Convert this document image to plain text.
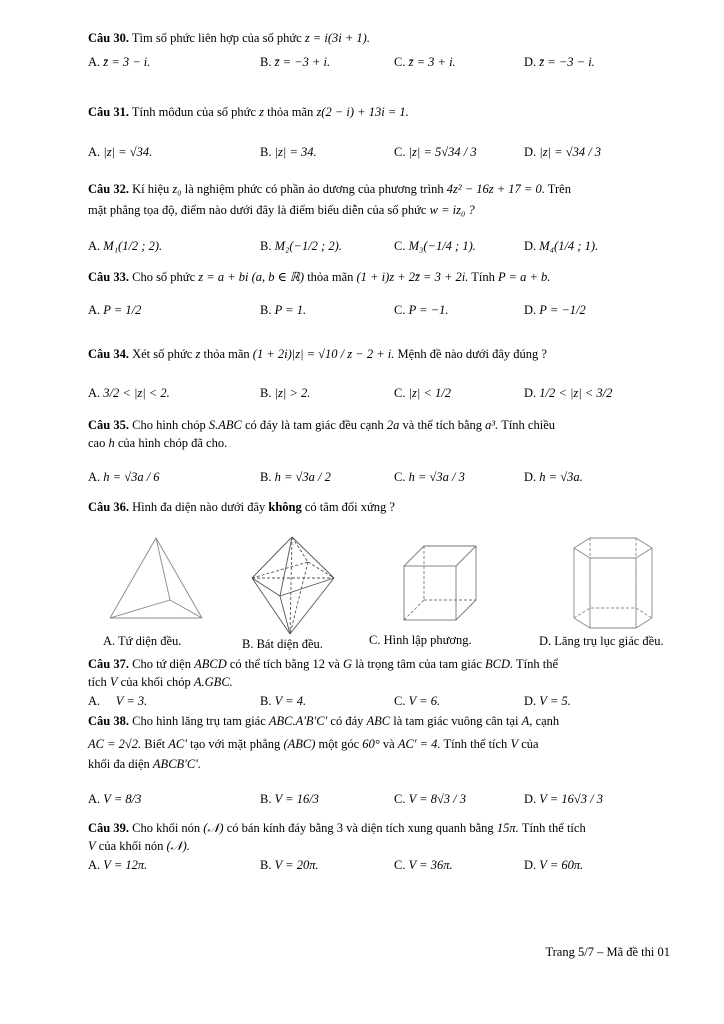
Câu 30. Tìm số phức liên hợp của số phức z = i(3i + 1).
A.
z̄ = 3 − i.	B.
z̄ = −3 + i.	C.
z̄ = 3 + i.	D.
z̄ = −3 − i.
Câu 31. Tính môđun của số phức z thỏa mãn z(2 − i) + 13i = 1.
A.
|z| = √34.	B.
|z| = 34.	C.
|z| = 5√34 / 3	D.
|z| = √34 / 3
Câu 32. Kí hiệu z₀ là nghiệm phức có phần ảo dương của phương trình 4z² − 16z + 17 = 0. Trên
mặt phẳng tọa độ, điểm nào dưới đây là điểm biểu diễn của số phức w = iz₀ ?
A.
M₁(1/2 ; 2).	B.
M₂(−1/2 ; 2).	C.
M₃(−1/4 ; 1).	D.
M₄(1/4 ; 1).
Câu 33. Cho số phức z = a + bi (a, b ∈ ℝ) thỏa mãn (1 + i)z + 2z̄ = 3 + 2i. Tính P = a + b.
A.
P = 1/2	B.
P = 1.	C.
P = −1.	D.
P = −1/2
Câu 34. Xét số phức z thỏa mãn (1 + 2i)|z| = √10 / z − 2 + i. Mệnh đề nào dưới đây đúng ?
A.
3/2 < |z| < 2.	B.
|z| > 2.	C.
|z| < 1/2	D.
1/2 < |z| < 3/2
Câu 35. Cho hình chóp S.ABC có đáy là tam giác đều cạnh 2a và thể tích bằng a³. Tính chiều
cao h của hình chóp đã cho.
A.
h = √3a / 6	B.
h = √3a / 2	C.
h = √3a / 3	D.
h = √3a.
Câu 36. Hình đa diện nào dưới đây không có tâm đối xứng ?
A. Tứ diện đều.	B. Bát diện đều.	C. Hình lập phương.	D. Lăng trụ lục giác đều.
Câu 37. Cho tứ diện ABCD có thể tích bằng 12 và G là trọng tâm của tam giác BCD. Tính thể
tích V của khối chóp A.GBC.
A.
V = 3.	B.
V = 4.	C.
V = 6.	D.
V = 5.
Câu 38. Cho hình lăng trụ tam giác ABC.A'B'C' có đáy ABC là tam giác vuông cân tại A, cạnh
AC = 2√2. Biết AC' tạo với mặt phẳng (ABC) một góc 60° và AC' = 4. Tính thể tích V của
khối đa diện ABCB'C'.
A.
V = 8/3	B.
V = 16/3	C.
V = 8√3 / 3	D.
V = 16√3 / 3
Câu 39. Cho khối nón (𝒩) có bán kính đáy bằng 3 và diện tích xung quanh bằng 15π. Tính thể tích
V của khối nón (𝒩).
A.
V = 12π.	B.
V = 20π.	C.
V = 36π.	D.
V = 60π.
Trang 5/7 – Mã đề thi 01
